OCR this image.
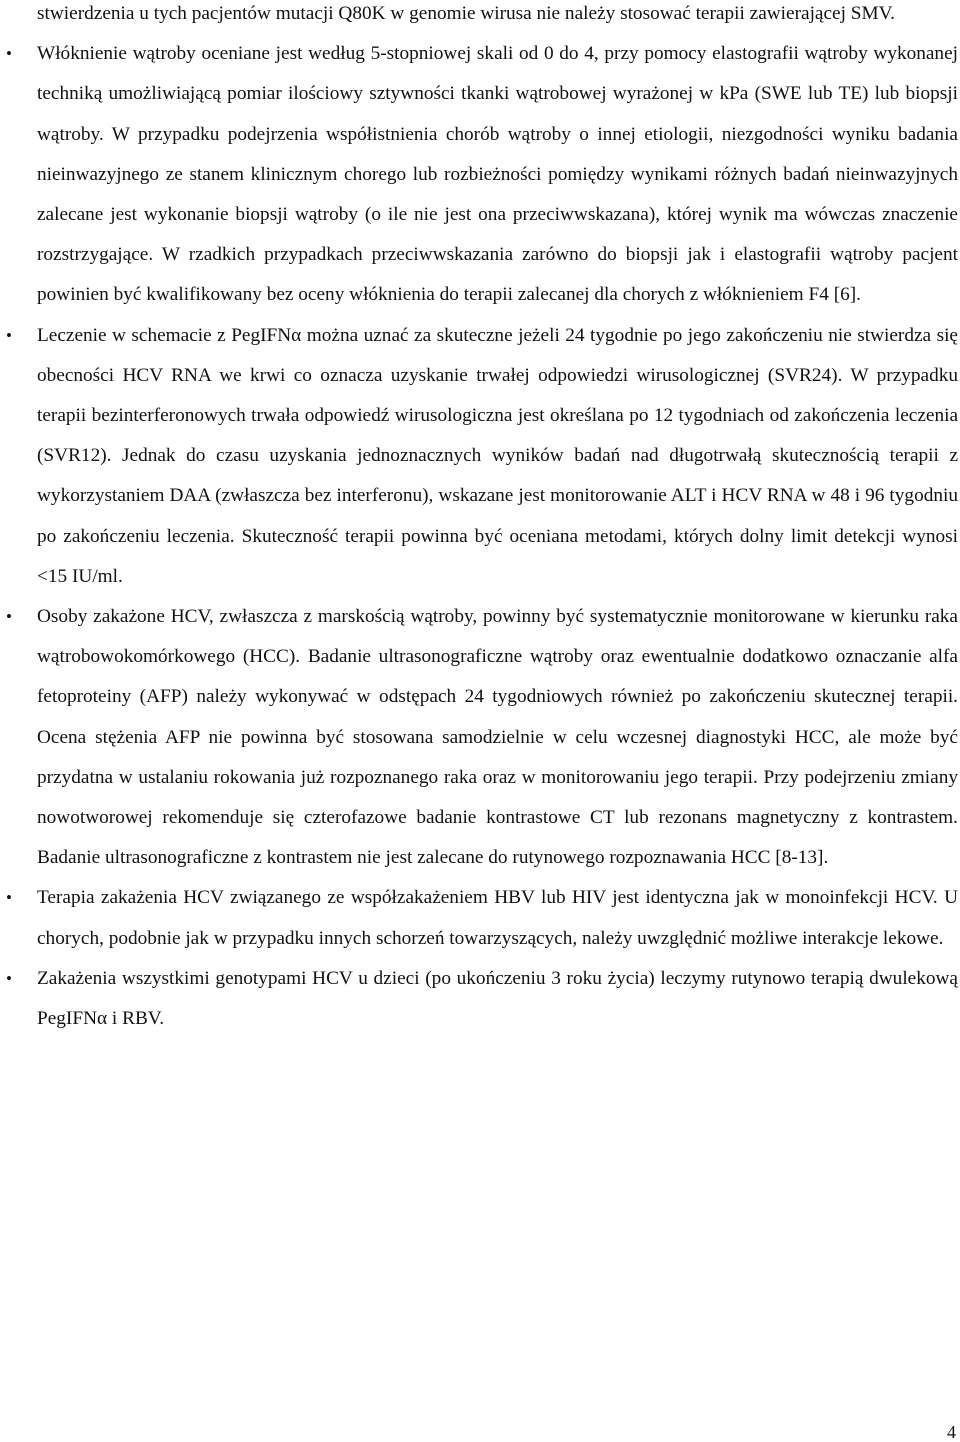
stwierdzenia u tych pacjentów mutacji Q80K w genomie wirusa nie należy stosować terapii zawierającej SMV.

• Włóknienie wątroby oceniane jest według 5-stopniowej skali od 0 do 4, przy pomocy elastografii wątroby wykonanej techniką umożliwiającą pomiar ilościowy sztywności tkanki wątrobowej wyrażonej w kPa (SWE lub TE) lub biopsji wątroby. W przypadku podejrzenia współistnienia chorób wątroby o innej etiologii, niezgodności wyniku badania nieinwazyjnego ze stanem klinicznym chorego lub rozbieżności pomiędzy wynikami różnych badań nieinwazyjnych zalecane jest wykonanie biopsji wątroby (o ile nie jest ona przeciwwskazana), której wynik ma wówczas znaczenie rozstrzygające. W rzadkich przypadkach przeciwwskazania zarówno do biopsji jak i elastografii wątroby pacjent powinien być kwalifikowany bez oceny włóknienia do terapii zalecanej dla chorych z włóknieniem F4 [6].
• Leczenie w schemacie z PegIFNα można uznać za skuteczne jeżeli 24 tygodnie po jego zakończeniu nie stwierdza się obecności HCV RNA we krwi co oznacza uzyskanie trwałej odpowiedzi wirusologicznej (SVR24). W przypadku terapii bezinterferonowych trwała odpowiedź wirusologiczna jest określana po 12 tygodniach od zakończenia leczenia (SVR12). Jednak do czasu uzyskania jednoznacznych wyników badań nad długotrwałą skutecznością terapii z wykorzystaniem DAA (zwłaszcza bez interferonu), wskazane jest monitorowanie ALT i HCV RNA w 48 i 96 tygodniu po zakończeniu leczenia. Skuteczność terapii powinna być oceniana metodami, których dolny limit detekcji wynosi <15 IU/ml.
• Osoby zakażone HCV, zwłaszcza z marskością wątroby, powinny być systematycznie monitorowane w kierunku raka wątrobowokomórkowego (HCC). Badanie ultrasonograficzne wątroby oraz ewentualnie dodatkowo oznaczanie alfa fetoproteiny (AFP) należy wykonywać w odstępach 24 tygodniowych również po zakończeniu skutecznej terapii. Ocena stężenia AFP nie powinna być stosowana samodzielnie w celu wczesnej diagnostyki HCC, ale może być przydatna w ustalaniu rokowania już rozpoznanego raka oraz w monitorowaniu jego terapii. Przy podejrzeniu zmiany nowotworowej rekomenduje się czterofazowe badanie kontrastowe CT lub rezonans magnetyczny z kontrastem. Badanie ultrasonograficzne z kontrastem nie jest zalecane do rutynowego rozpoznawania HCC [8-13].
• Terapia zakażenia HCV związanego ze współzakażeniem HBV lub HIV jest identyczna jak w monoinfekcji HCV. U chorych, podobnie jak w przypadku innych schorzeń towarzyszących, należy uwzględnić możliwe interakcje lekowe.
• Zakażenia wszystkimi genotypami HCV u dzieci (po ukończeniu 3 roku życia) leczymy rutynowo terapią dwulekową PegIFNα i RBV.
4
